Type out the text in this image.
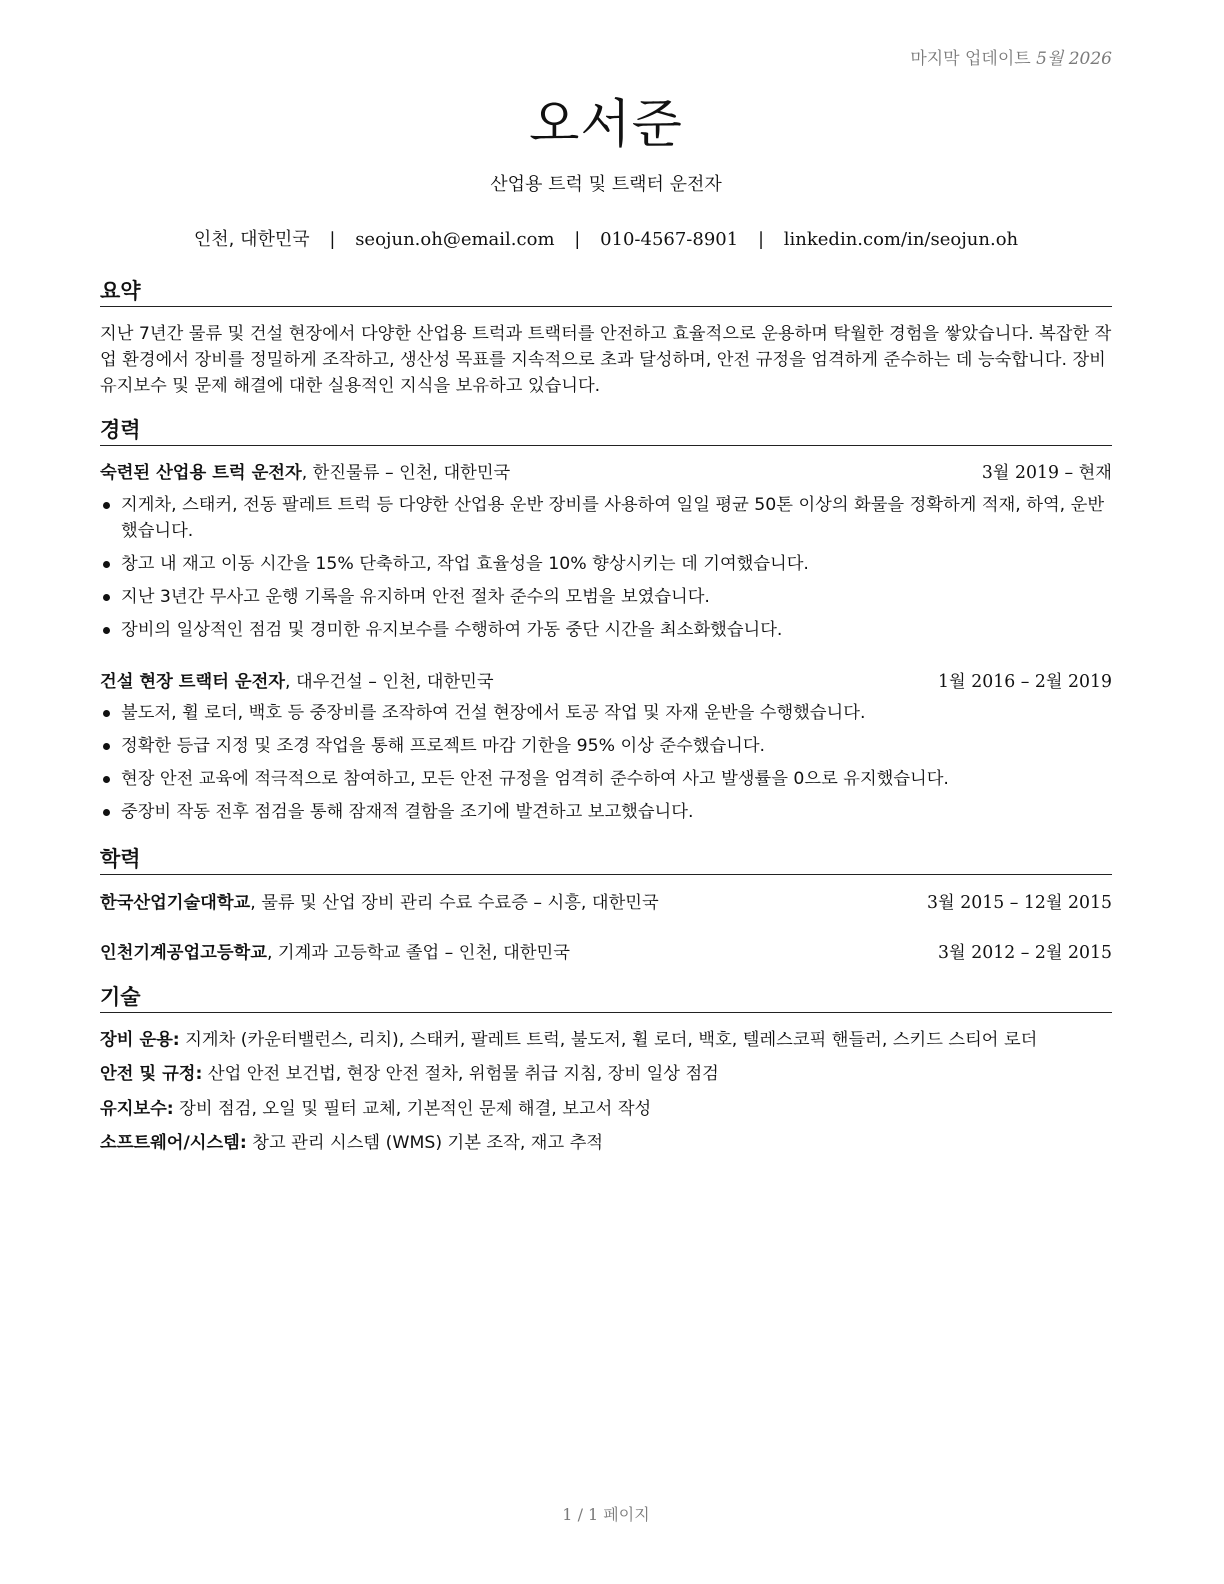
마지막 업데이트 5월 2026
오서준
산업용 트럭 및 트랙터 운전자
인천, 대한민국 | seojun.oh@email.com | 010-4567-8901 | linkedin.com/in/seojun.oh
요약
지난 7년간 물류 및 건설 현장에서 다양한 산업용 트럭과 트랙터를 안전하고 효율적으로 운용하며 탁월한 경험을 쌓았습니다. 복잡한 작업 환경에서 장비를 정밀하게 조작하고, 생산성 목표를 지속적으로 초과 달성하며, 안전 규정을 엄격하게 준수하는 데 능숙합니다. 장비 유지보수 및 문제 해결에 대한 실용적인 지식을 보유하고 있습니다.
경력
숙련된 산업용 트럭 운전자, 한진물류 – 인천, 대한민국	3월 2019 – 현재
지게차, 스태커, 전동 팔레트 트럭 등 다양한 산업용 운반 장비를 사용하여 일일 평균 50톤 이상의 화물을 정확하게 적재, 하역, 운반했습니다.
창고 내 재고 이동 시간을 15% 단축하고, 작업 효율성을 10% 향상시키는 데 기여했습니다.
지난 3년간 무사고 운행 기록을 유지하며 안전 절차 준수의 모범을 보였습니다.
장비의 일상적인 점검 및 경미한 유지보수를 수행하여 가동 중단 시간을 최소화했습니다.
건설 현장 트랙터 운전자, 대우건설 – 인천, 대한민국	1월 2016 – 2월 2019
불도저, 휠 로더, 백호 등 중장비를 조작하여 건설 현장에서 토공 작업 및 자재 운반을 수행했습니다.
정확한 등급 지정 및 조경 작업을 통해 프로젝트 마감 기한을 95% 이상 준수했습니다.
현장 안전 교육에 적극적으로 참여하고, 모든 안전 규정을 엄격히 준수하여 사고 발생률을 0으로 유지했습니다.
중장비 작동 전후 점검을 통해 잠재적 결함을 조기에 발견하고 보고했습니다.
학력
한국산업기술대학교, 물류 및 산업 장비 관리 수료 수료증 – 시흥, 대한민국	3월 2015 – 12월 2015
인천기계공업고등학교, 기계과 고등학교 졸업 – 인천, 대한민국	3월 2012 – 2월 2015
기술
장비 운용: 지게차 (카운터밸런스, 리치), 스태커, 팔레트 트럭, 불도저, 휠 로더, 백호, 텔레스코픽 핸들러, 스키드 스티어 로더
안전 및 규정: 산업 안전 보건법, 현장 안전 절차, 위험물 취급 지침, 장비 일상 점검
유지보수: 장비 점검, 오일 및 필터 교체, 기본적인 문제 해결, 보고서 작성
소프트웨어/시스템: 창고 관리 시스템 (WMS) 기본 조작, 재고 추적
1 / 1 페이지
